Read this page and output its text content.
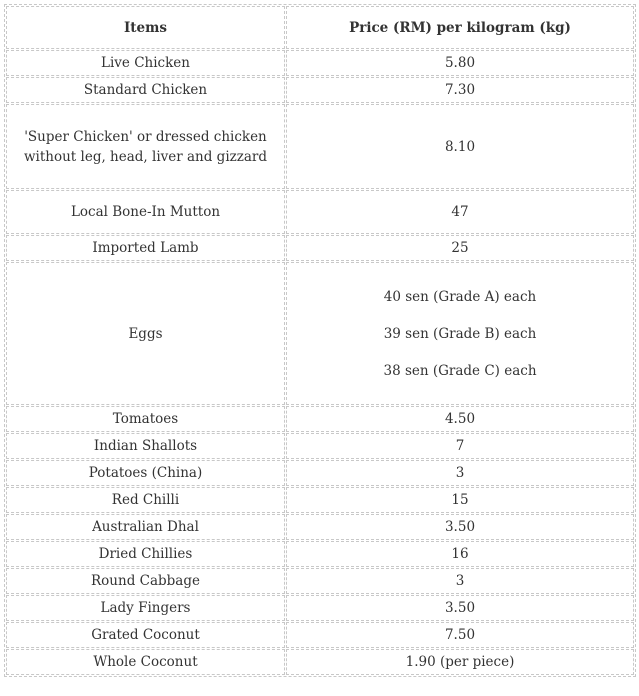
Items	Price (RM) per kilogram (kg)
Live Chicken	5.80
Standard Chicken	7.30
'Super Chicken' or dressed chicken
without leg, head, liver and gizzard	8.10
Local Bone-In Mutton	47
Imported Lamb	25
Eggs	40 sen (Grade A) each
39 sen (Grade B) each
38 sen (Grade C) each

Tomatoes	4.50
Indian Shallots	7
Potatoes (China)	3
Red Chilli	15
Australian Dhal	3.50
Dried Chillies	16
Round Cabbage	3
Lady Fingers	3.50
Grated Coconut	7.50
Whole Coconut	1.90 (per piece)
